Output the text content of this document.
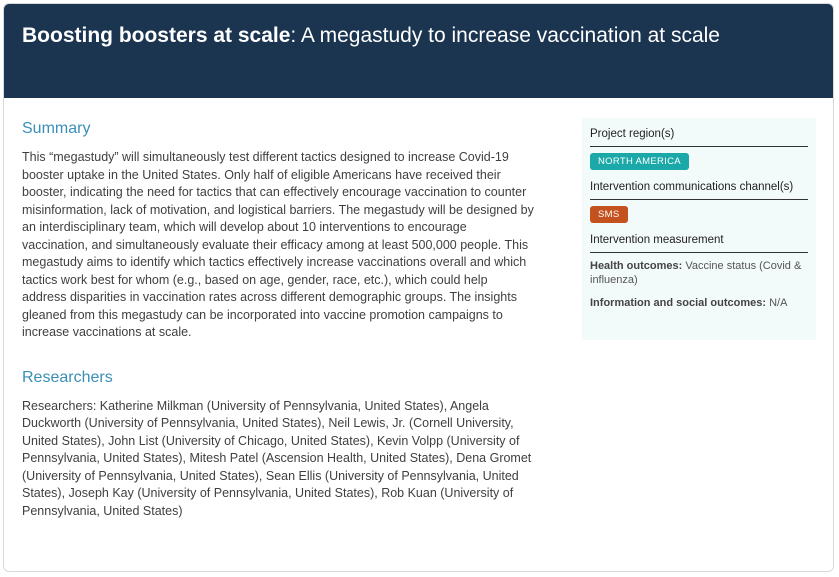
Boosting boosters at scale: A megastudy to increase vaccination at scale
Summary

This “megastudy” will simultaneously test different tactics designed to increase Covid-19 booster uptake in the United States. Only half of eligible Americans have received their booster, indicating the need for tactics that can effectively encourage vaccination to counter misinformation, lack of motivation, and logistical barriers. The megastudy will be designed by an interdisciplinary team, which will develop about 10 interventions to encourage vaccination, and simultaneously evaluate their efficacy among at least 500,000 people. This megastudy aims to identify which tactics effectively increase vaccinations overall and which tactics work best for whom (e.g., based on age, gender, race, etc.), which could help address disparities in vaccination rates across different demographic groups. The insights gleaned from this megastudy can be incorporated into vaccine promotion campaigns to increase vaccinations at scale.

Researchers

Researchers: Katherine Milkman (University of Pennsylvania, United States), Angela Duckworth (University of Pennsylvania, United States), Neil Lewis, Jr. (Cornell University, United States), John List (University of Chicago, United States), Kevin Volpp (University of Pennsylvania, United States), Mitesh Patel (Ascension Health, United States), Dena Gromet (University of Pennsylvania, United States), Sean Ellis (University of Pennsylvania, United States), Joseph Kay (University of Pennsylvania, United States), Rob Kuan (University of Pennsylvania, United States)

Project region(s)

NORTH AMERICA

Intervention communications channel(s)

SMS

Intervention measurement

Health outcomes: Vaccine status (Covid & influenza)

Information and social outcomes: N/A
